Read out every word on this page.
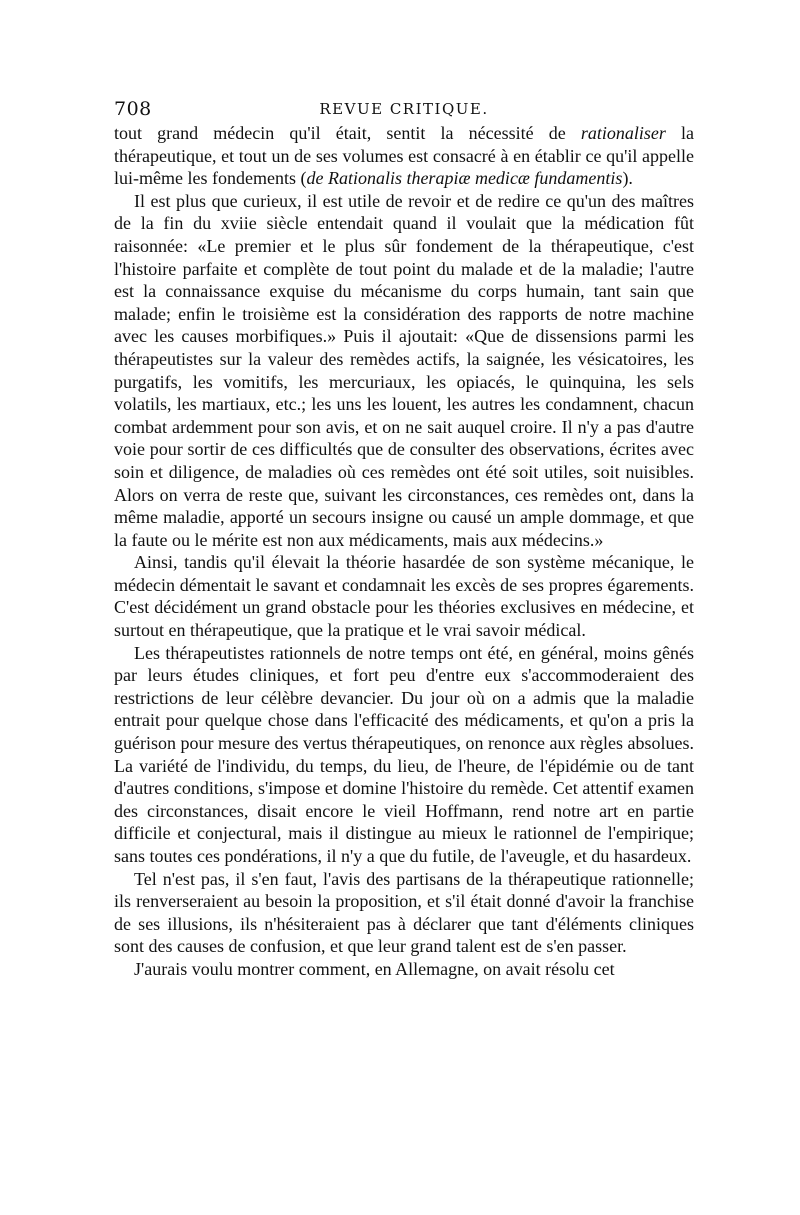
708	REVUE CRITIQUE.

tout grand médecin qu'il était, sentit la nécessité de rationaliser la thérapeutique, et tout un de ses volumes est consacré à en établir ce qu'il appelle lui-même les fondements (de Rationalis therapiæ medicæ fundamentis).

Il est plus que curieux, il est utile de revoir et de redire ce qu'un des maîtres de la fin du xviie siècle entendait quand il voulait que la médication fût raisonnée: «Le premier et le plus sûr fondement de la thérapeutique, c'est l'histoire parfaite et complète de tout point du malade et de la maladie; l'autre est la connaissance exquise du mécanisme du corps humain, tant sain que malade; enfin le troisième est la considération des rapports de notre machine avec les causes morbifiques.» Puis il ajoutait: «Que de dissensions parmi les thérapeutistes sur la valeur des remèdes actifs, la saignée, les vésicatoires, les purgatifs, les vomitifs, les mercuriaux, les opiacés, le quinquina, les sels volatils, les martiaux, etc.; les uns les louent, les autres les condamnent, chacun combat ardemment pour son avis, et on ne sait auquel croire. Il n'y a pas d'autre voie pour sortir de ces difficultés que de consulter des observations, écrites avec soin et diligence, de maladies où ces remèdes ont été soit utiles, soit nuisibles. Alors on verra de reste que, suivant les circonstances, ces remèdes ont, dans la même maladie, apporté un secours insigne ou causé un ample dommage, et que la faute ou le mérite est non aux médicaments, mais aux médecins.»

Ainsi, tandis qu'il élevait la théorie hasardée de son système mécanique, le médecin démentait le savant et condamnait les excès de ses propres égarements. C'est décidément un grand obstacle pour les théories exclusives en médecine, et surtout en thérapeutique, que la pratique et le vrai savoir médical.

Les thérapeutistes rationnels de notre temps ont été, en général, moins gênés par leurs études cliniques, et fort peu d'entre eux s'accommoderaient des restrictions de leur célèbre devancier. Du jour où on a admis que la maladie entrait pour quelque chose dans l'efficacité des médicaments, et qu'on a pris la guérison pour mesure des vertus thérapeutiques, on renonce aux règles absolues. La variété de l'individu, du temps, du lieu, de l'heure, de l'épidémie ou de tant d'autres conditions, s'impose et domine l'histoire du remède. Cet attentif examen des circonstances, disait encore le vieil Hoffmann, rend notre art en partie difficile et conjectural, mais il distingue au mieux le rationnel de l'empirique; sans toutes ces pondérations, il n'y a que du futile, de l'aveugle, et du hasardeux.

Tel n'est pas, il s'en faut, l'avis des partisans de la thérapeutique rationnelle; ils renverseraient au besoin la proposition, et s'il était donné d'avoir la franchise de ses illusions, ils n'hésiteraient pas à déclarer que tant d'éléments cliniques sont des causes de confusion, et que leur grand talent est de s'en passer.

J'aurais voulu montrer comment, en Allemagne, on avait résolu cet
